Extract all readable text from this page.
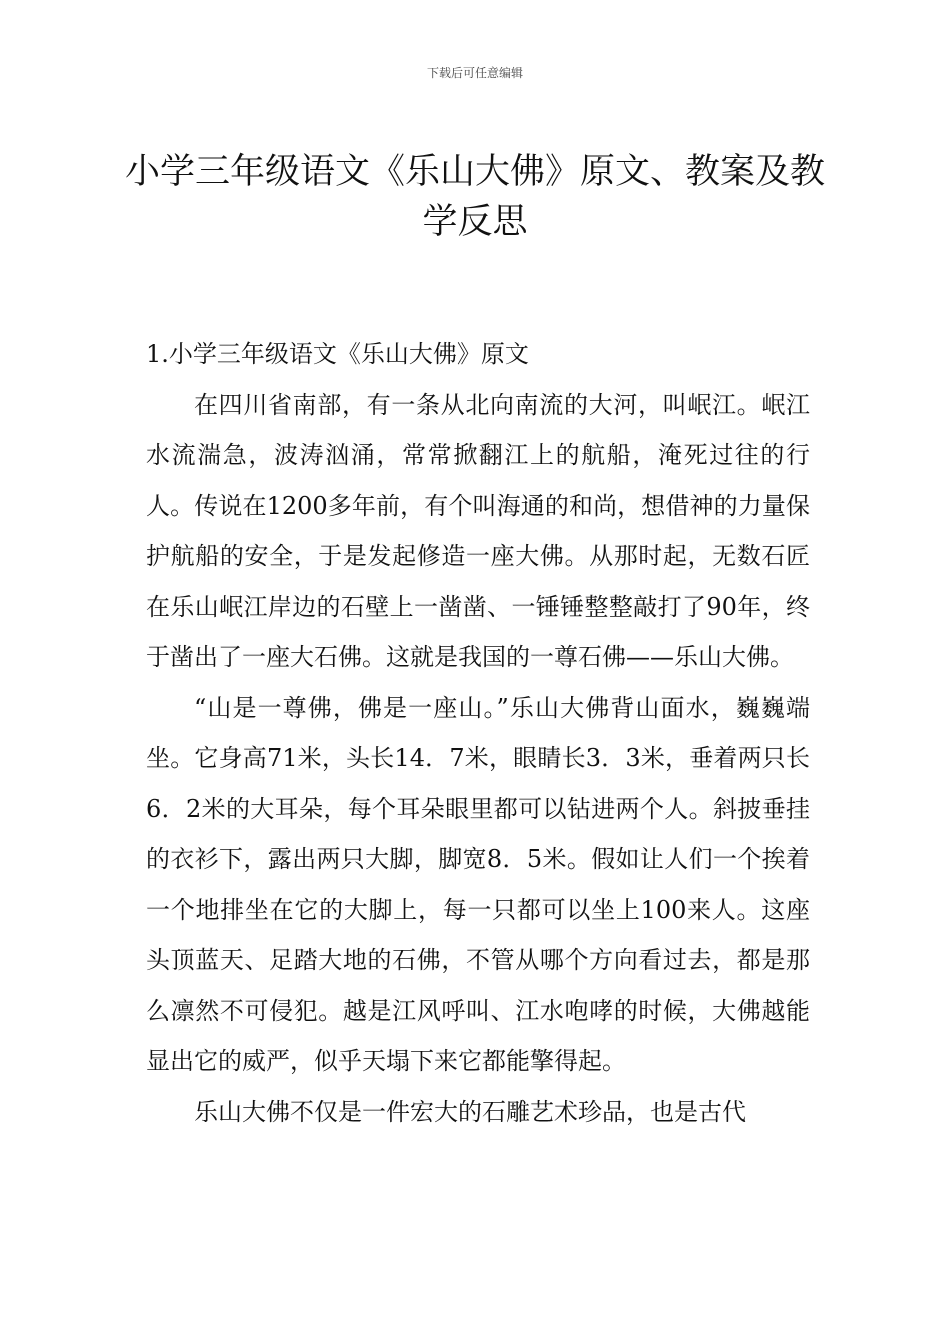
下载后可任意编辑
小学三年级语文《乐山大佛》原文、教案及教学反思

1.小学三年级语文《乐山大佛》原文

在四川省南部，有一条从北向南流的大河，叫岷江。岷江水流湍急，波涛汹涌，常常掀翻江上的航船，淹死过往的行人。传说在1200多年前，有个叫海通的和尚，想借神的力量保护航船的安全，于是发起修造一座大佛。从那时起，无数石匠在乐山岷江岸边的石壁上一凿凿、一锤锤整整敲打了90年，终于凿出了一座大石佛。这就是我国的一尊石佛——乐山大佛。

“山是一尊佛，佛是一座山。”乐山大佛背山面水，巍巍端坐。它身高71米，头长14．7米，眼睛长3．3米，垂着两只长6．2米的大耳朵，每个耳朵眼里都可以钻进两个人。斜披垂挂的衣衫下，露出两只大脚，脚宽8．5米。假如让人们一个挨着一个地排坐在它的大脚上，每一只都可以坐上100来人。这座头顶蓝天、足踏大地的石佛，不管从哪个方向看过去，都是那么凛然不可侵犯。越是江风呼叫、江水咆哮的时候，大佛越能显出它的威严，似乎天塌下来它都能擎得起。

乐山大佛不仅是一件宏大的石雕艺术珍品，也是古代
